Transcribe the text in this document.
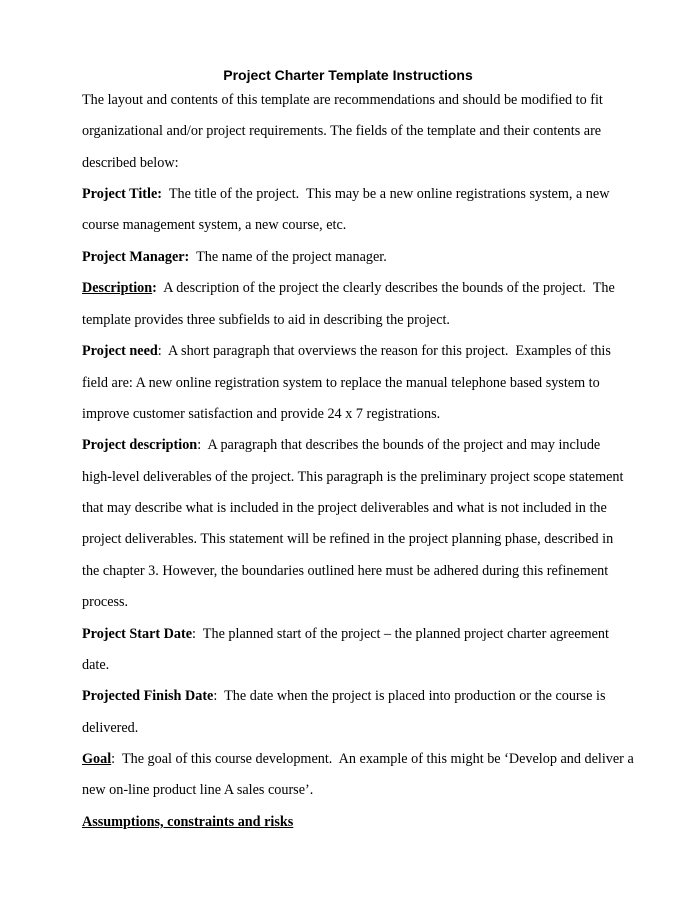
Project Charter Template Instructions
The layout and contents of this template are recommendations and should be modified to fit
organizational and/or project requirements. The fields of the template and their contents are
described below:
Project Title:  The title of the project.  This may be a new online registrations system, a new
course management system, a new course, etc.
Project Manager:  The name of the project manager.
Description:  A description of the project the clearly describes the bounds of the project.  The
template provides three subfields to aid in describing the project.
Project need:  A short paragraph that overviews the reason for this project.  Examples of this
field are: A new online registration system to replace the manual telephone based system to
improve customer satisfaction and provide 24 x 7 registrations.
Project description:  A paragraph that describes the bounds of the project and may include
high-level deliverables of the project. This paragraph is the preliminary project scope statement
that may describe what is included in the project deliverables and what is not included in the
project deliverables. This statement will be refined in the project planning phase, described in
the chapter 3. However, the boundaries outlined here must be adhered during this refinement
process.
Project Start Date:  The planned start of the project – the planned project charter agreement
date.
Projected Finish Date:  The date when the project is placed into production or the course is
delivered.
Goal:  The goal of this course development.  An example of this might be ‘Develop and deliver a
new on-line product line A sales course’.
Assumptions, constraints and risks
